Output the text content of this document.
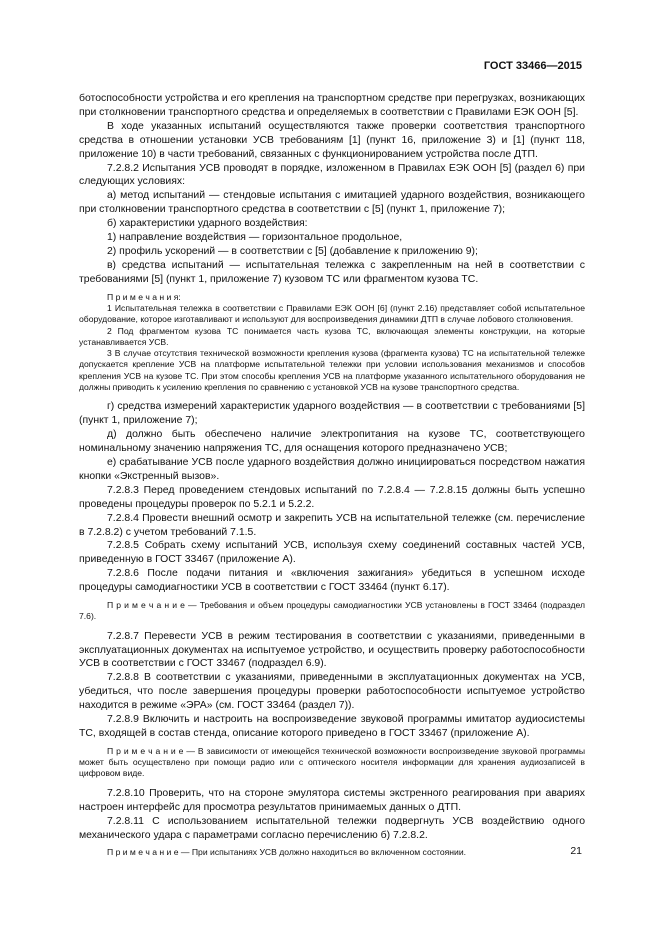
ГОСТ 33466—2015

ботоспособности устройства и его крепления на транспортном средстве при перегрузках, возникающих при столкновении транспортного средства и определяемых в соответствии с Правилами ЕЭК ООН [5].

В ходе указанных испытаний осуществляются также проверки соответствия транспортного средства в отношении установки УСВ требованиям [1] (пункт 16, приложение 3) и [1] (пункт 118, приложение 10) в части требований, связанных с функционированием устройства после ДТП.

7.2.8.2 Испытания УСВ проводят в порядке, изложенном в Правилах ЕЭК ООН [5] (раздел 6) при следующих условиях:

а) метод испытаний — стендовые испытания с имитацией ударного воздействия, возникающего при столкновении транспортного средства в соответствии с [5] (пункт 1, приложение 7);

б) характеристики ударного воздействия:

1) направление воздействия — горизонтальное продольное,

2) профиль ускорений — в соответствии с [5] (добавление к приложению 9);

в) средства испытаний — испытательная тележка с закрепленным на ней в соответствии с требованиями [5] (пункт 1, приложение 7) кузовом ТС или фрагментом кузова ТС.

П р и м е ч а н и я:

1 Испытательная тележка в соответствии с Правилами ЕЭК ООН [6] (пункт 2.16) представляет собой испытательное оборудование, которое изготавливают и используют для воспроизведения динамики ДТП в случае лобового столкновения.

2 Под фрагментом кузова ТС понимается часть кузова ТС, включающая элементы конструкции, на которые устанавливается УСВ.

3 В случае отсутствия технической возможности крепления кузова (фрагмента кузова) ТС на испытательной тележке допускается крепление УСВ на платформе испытательной тележки при условии использования механизмов и способов крепления УСВ на кузове ТС. При этом способы крепления УСВ на платформе указанного испытательного оборудования не должны приводить к усилению крепления по сравнению с установкой УСВ на кузове транспортного средства.

г) средства измерений характеристик ударного воздействия — в соответствии с требованиями [5] (пункт 1, приложение 7);

д) должно быть обеспечено наличие электропитания на кузове ТС, соответствующего номинальному значению напряжения ТС, для оснащения которого предназначено УСВ;

е) срабатывание УСВ после ударного воздействия должно инициироваться посредством нажатия кнопки «Экстренный вызов».

7.2.8.3 Перед проведением стендовых испытаний по 7.2.8.4 — 7.2.8.15 должны быть успешно проведены процедуры проверок по 5.2.1 и 5.2.2.

7.2.8.4 Провести внешний осмотр и закрепить УСВ на испытательной тележке (см. перечисление в 7.2.8.2) с учетом требований 7.1.5.

7.2.8.5 Собрать схему испытаний УСВ, используя схему соединений составных частей УСВ, приведенную в ГОСТ 33467 (приложение А).

7.2.8.6 После подачи питания и «включения зажигания» убедиться в успешном исходе процедуры самодиагностики УСВ в соответствии с ГОСТ 33464 (пункт 6.17).

П р и м е ч а н и е — Требования и объем процедуры самодиагностики УСВ установлены в ГОСТ 33464 (подраздел 7.6).

7.2.8.7 Перевести УСВ в режим тестирования в соответствии с указаниями, приведенными в эксплуатационных документах на испытуемое устройство, и осуществить проверку работоспособности УСВ в соответствии с ГОСТ 33467 (подраздел 6.9).

7.2.8.8 В соответствии с указаниями, приведенными в эксплуатационных документах на УСВ, убедиться, что после завершения процедуры проверки работоспособности испытуемое устройство находится в режиме «ЭРА» (см. ГОСТ 33464 (раздел 7)).

7.2.8.9 Включить и настроить на воспроизведение звуковой программы имитатор аудиосистемы ТС, входящей в состав стенда, описание которого приведено в ГОСТ 33467 (приложение А).

П р и м е ч а н и е — В зависимости от имеющейся технической возможности воспроизведение звуковой программы может быть осуществлено при помощи радио или с оптического носителя информации для хранения аудиозаписей в цифровом виде.

7.2.8.10 Проверить, что на стороне эмулятора системы экстренного реагирования при авариях настроен интерфейс для просмотра результатов принимаемых данных о ДТП.

7.2.8.11 С использованием испытательной тележки подвергнуть УСВ воздействию одного механического удара с параметрами согласно перечислению б) 7.2.8.2.

П р и м е ч а н и е — При испытаниях УСВ должно находиться во включенном состоянии.	21
